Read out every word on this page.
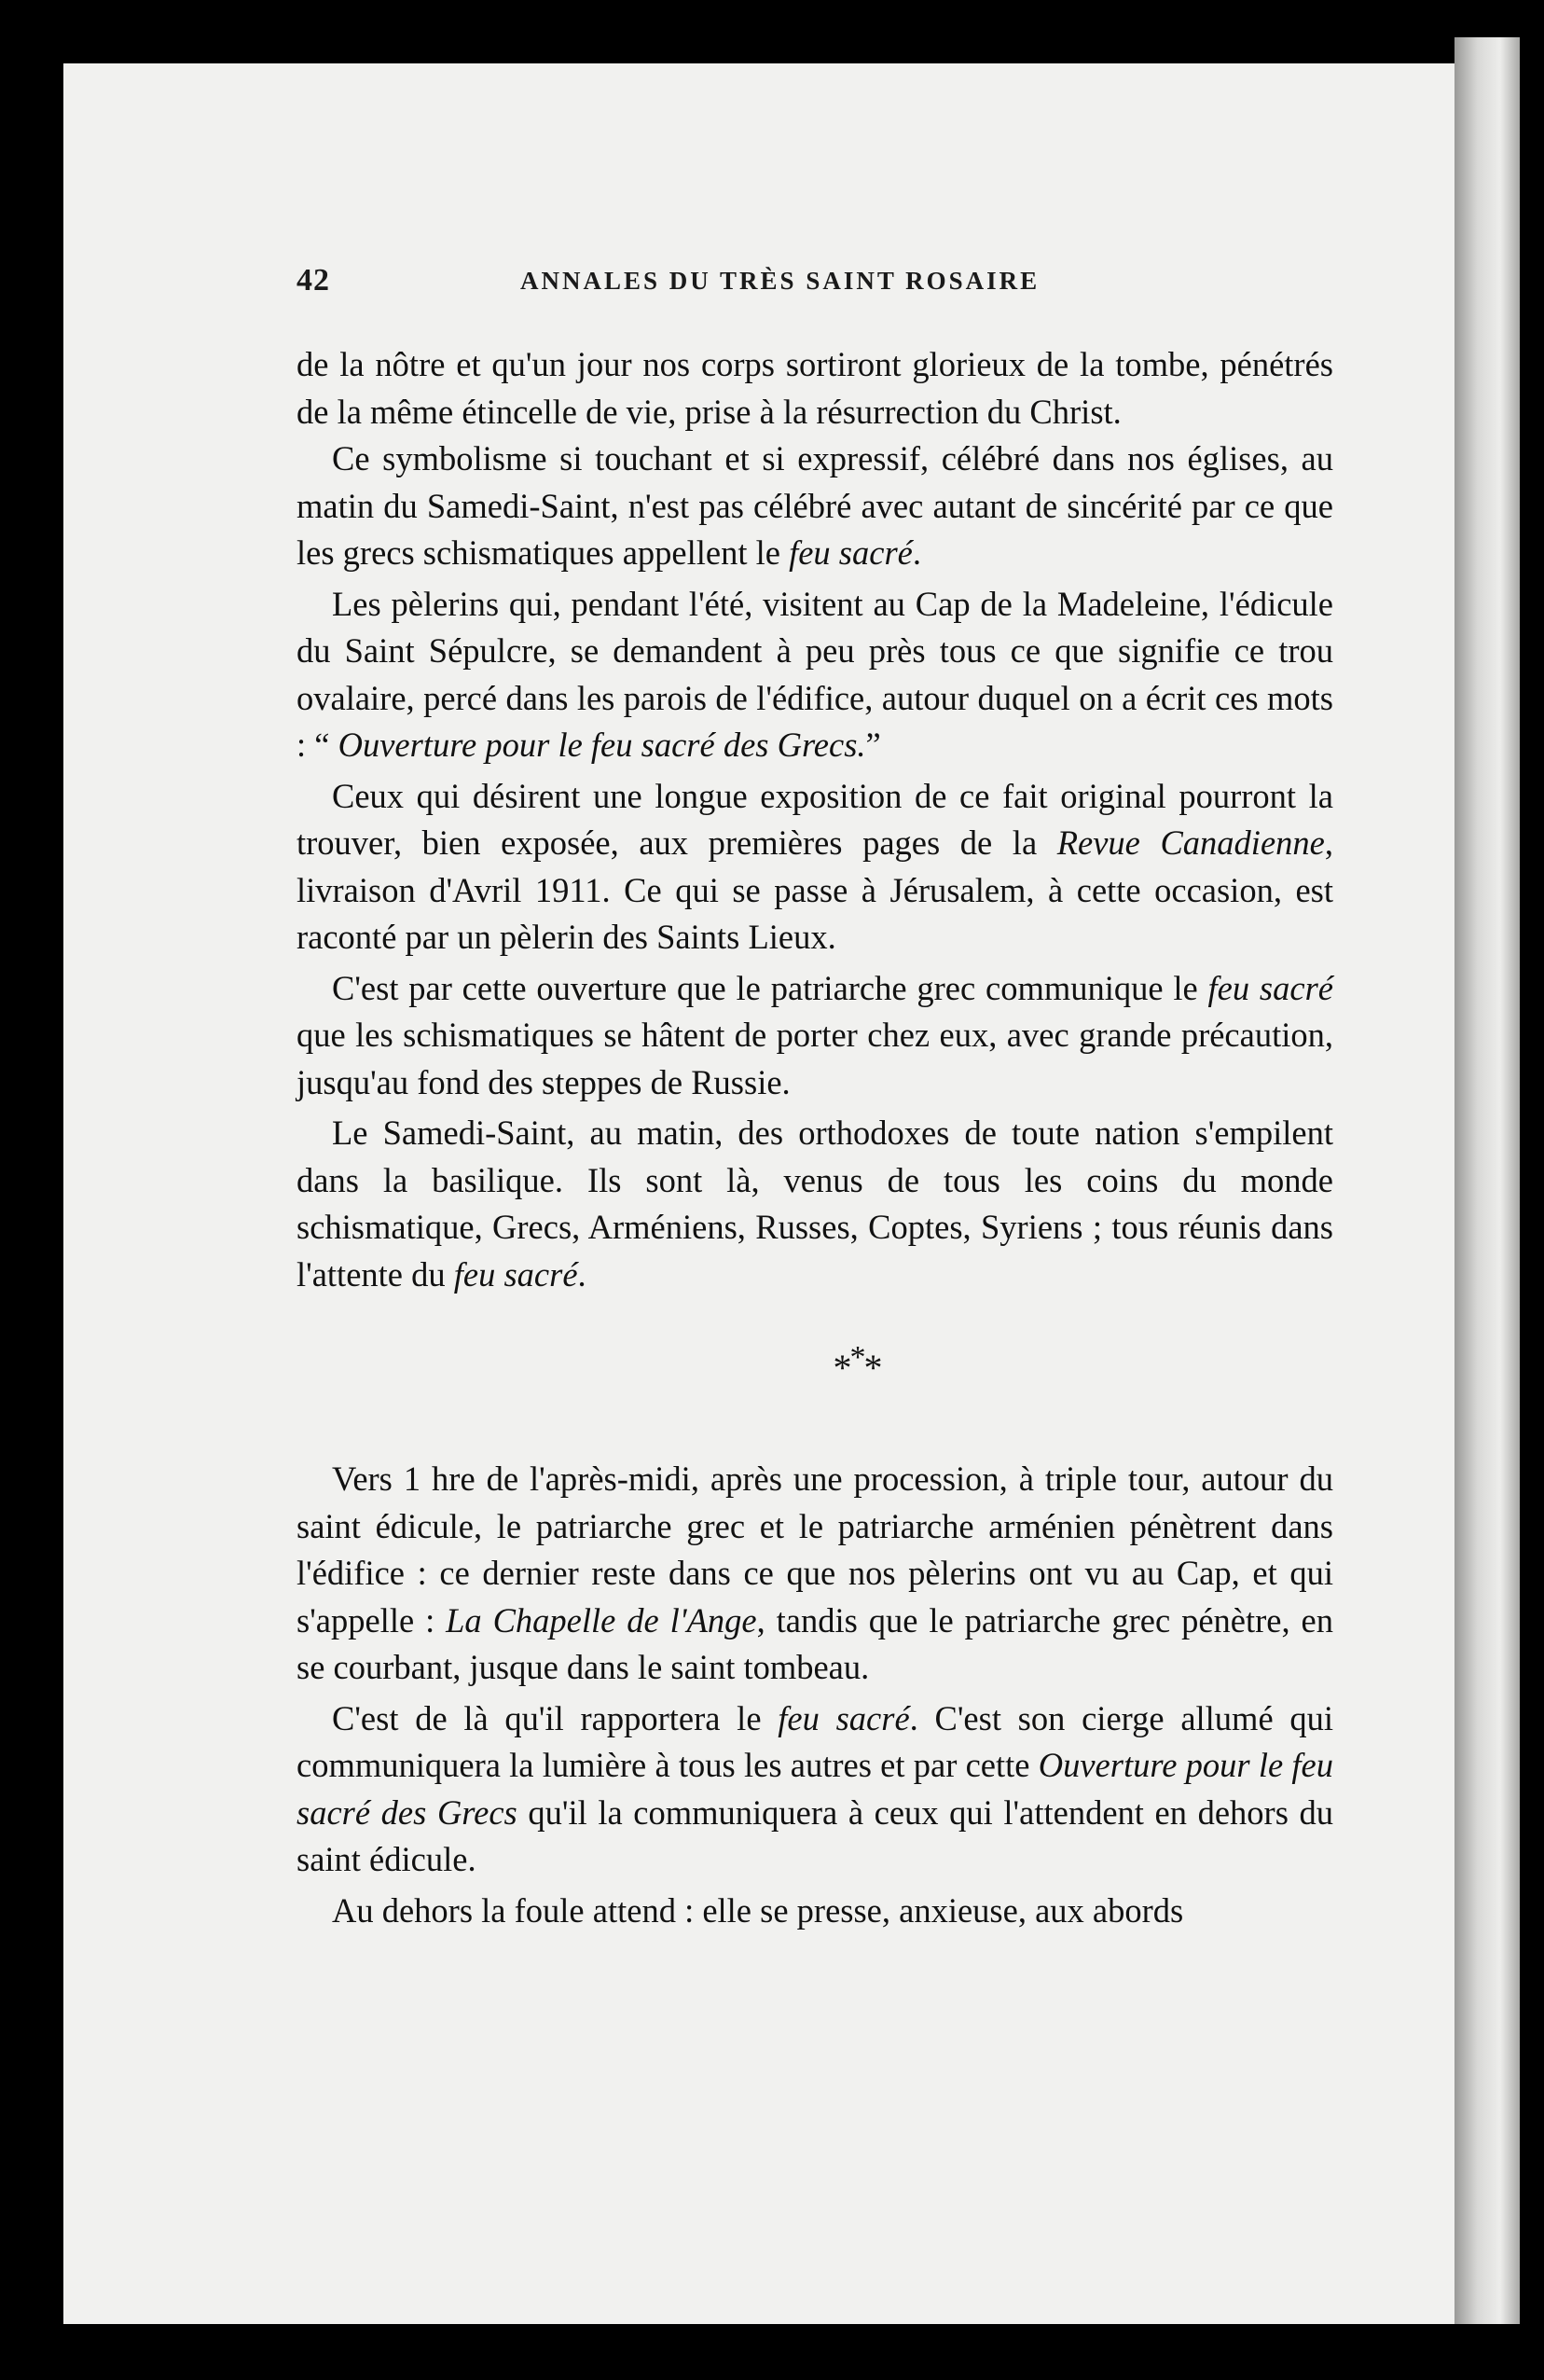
42	ANNALES DU TRÈS SAINT ROSAIRE

de la nôtre et qu'un jour nos corps sortiront glorieux de la tombe, pénétrés de la même étincelle de vie, prise à la résurrection du Christ.

Ce symbolisme si touchant et si expressif, célébré dans nos églises, au matin du Samedi-Saint, n'est pas célébré avec autant de sincérité par ce que les grecs schismatiques appellent le feu sacré.

Les pèlerins qui, pendant l'été, visitent au Cap de la Madeleine, l'édicule du Saint Sépulcre, se demandent à peu près tous ce que signifie ce trou ovalaire, percé dans les parois de l'édifice, autour duquel on a écrit ces mots : “ Ouverture pour le feu sacré des Grecs.”

Ceux qui désirent une longue exposition de ce fait original pourront la trouver, bien exposée, aux premières pages de la Revue Canadienne, livraison d'Avril 1911. Ce qui se passe à Jérusalem, à cette occasion, est raconté par un pèlerin des Saints Lieux.

C'est par cette ouverture que le patriarche grec communique le feu sacré que les schismatiques se hâtent de porter chez eux, avec grande précaution, jusqu'au fond des steppes de Russie.

Le Samedi-Saint, au matin, des orthodoxes de toute nation s'empilent dans la basilique. Ils sont là, venus de tous les coins du monde schismatique, Grecs, Arméniens, Russes, Coptes, Syriens ; tous réunis dans l'attente du feu sacré.

***

Vers 1 hre de l'après-midi, après une procession, à triple tour, autour du saint édicule, le patriarche grec et le patriarche arménien pénètrent dans l'édifice : ce dernier reste dans ce que nos pèlerins ont vu au Cap, et qui s'appelle : La Chapelle de l'Ange, tandis que le patriarche grec pénètre, en se courbant, jusque dans le saint tombeau.

C'est de là qu'il rapportera le feu sacré. C'est son cierge allumé qui communiquera la lumière à tous les autres et par cette Ouverture pour le feu sacré des Grecs qu'il la communiquera à ceux qui l'attendent en dehors du saint édicule.

Au dehors la foule attend : elle se presse, anxieuse, aux abords
